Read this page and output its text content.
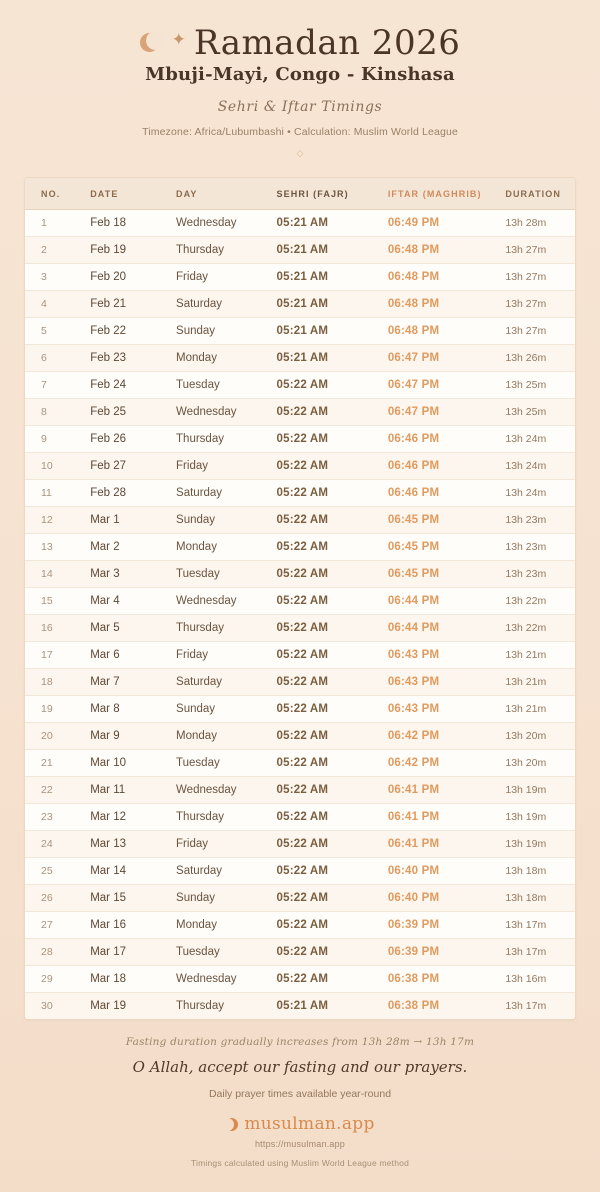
✦ Ramadan 2026
Mbuji-Mayi, Congo - Kinshasa
Sehri & Iftar Timings
Timezone: Africa/Lubumbashi • Calculation: Muslim World League
◇
NO.	DATE	DAY	SEHRI (FAJR)	IFTAR (MAGHRIB)	DURATION
1	Feb 18	Wednesday	05:21 AM	06:49 PM	13h 28m
2	Feb 19	Thursday	05:21 AM	06:48 PM	13h 27m
3	Feb 20	Friday	05:21 AM	06:48 PM	13h 27m
4	Feb 21	Saturday	05:21 AM	06:48 PM	13h 27m
5	Feb 22	Sunday	05:21 AM	06:48 PM	13h 27m
6	Feb 23	Monday	05:21 AM	06:47 PM	13h 26m
7	Feb 24	Tuesday	05:22 AM	06:47 PM	13h 25m
8	Feb 25	Wednesday	05:22 AM	06:47 PM	13h 25m
9	Feb 26	Thursday	05:22 AM	06:46 PM	13h 24m
10	Feb 27	Friday	05:22 AM	06:46 PM	13h 24m
11	Feb 28	Saturday	05:22 AM	06:46 PM	13h 24m
12	Mar 1	Sunday	05:22 AM	06:45 PM	13h 23m
13	Mar 2	Monday	05:22 AM	06:45 PM	13h 23m
14	Mar 3	Tuesday	05:22 AM	06:45 PM	13h 23m
15	Mar 4	Wednesday	05:22 AM	06:44 PM	13h 22m
16	Mar 5	Thursday	05:22 AM	06:44 PM	13h 22m
17	Mar 6	Friday	05:22 AM	06:43 PM	13h 21m
18	Mar 7	Saturday	05:22 AM	06:43 PM	13h 21m
19	Mar 8	Sunday	05:22 AM	06:43 PM	13h 21m
20	Mar 9	Monday	05:22 AM	06:42 PM	13h 20m
21	Mar 10	Tuesday	05:22 AM	06:42 PM	13h 20m
22	Mar 11	Wednesday	05:22 AM	06:41 PM	13h 19m
23	Mar 12	Thursday	05:22 AM	06:41 PM	13h 19m
24	Mar 13	Friday	05:22 AM	06:41 PM	13h 19m
25	Mar 14	Saturday	05:22 AM	06:40 PM	13h 18m
26	Mar 15	Sunday	05:22 AM	06:40 PM	13h 18m
27	Mar 16	Monday	05:22 AM	06:39 PM	13h 17m
28	Mar 17	Tuesday	05:22 AM	06:39 PM	13h 17m
29	Mar 18	Wednesday	05:22 AM	06:38 PM	13h 16m
30	Mar 19	Thursday	05:21 AM	06:38 PM	13h 17m
Fasting duration gradually increases from 13h 28m → 13h 17m
O Allah, accept our fasting and our prayers.
Daily prayer times available year-round
musulman.app
https://musulman.app
Timings calculated using Muslim World League method
